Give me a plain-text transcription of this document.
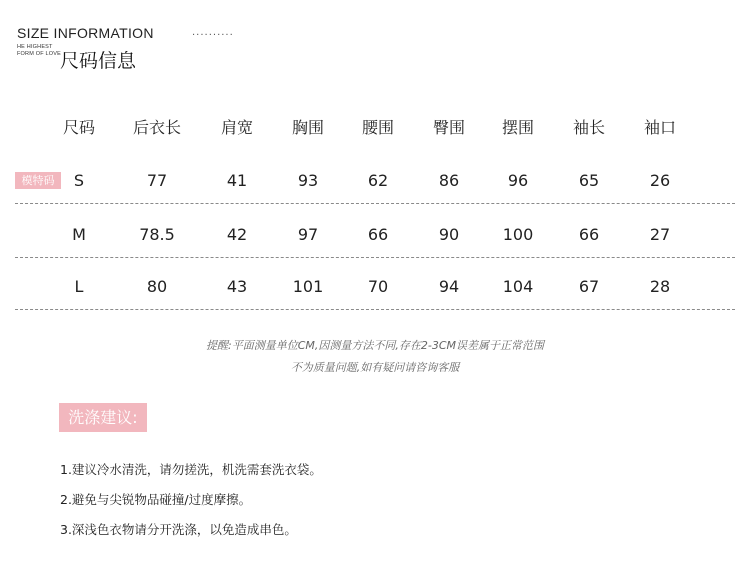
SIZE INFORMATION	··········
HE HIGHEST
FORM OF LOVE 尺码信息
尺码	后衣长	肩宽	胸围	腰围	臀围	摆围	袖长	袖口
模特码	S	77	41	93	62	86	96	65	26
M	78.5	42	97	66	90	100	66	27
L	80	43	101	70	94	104	67	28
提醒:平面测量单位CM,因测量方法不同,存在2-3CM误差属于正常范围
不为质量问题,如有疑问请咨询客服
洗涤建议:
1.建议冷水清洗，请勿搓洗，机洗需套洗衣袋。
2.避免与尖锐物品碰撞/过度摩擦。
3.深浅色衣物请分开洗涤，以免造成串色。
